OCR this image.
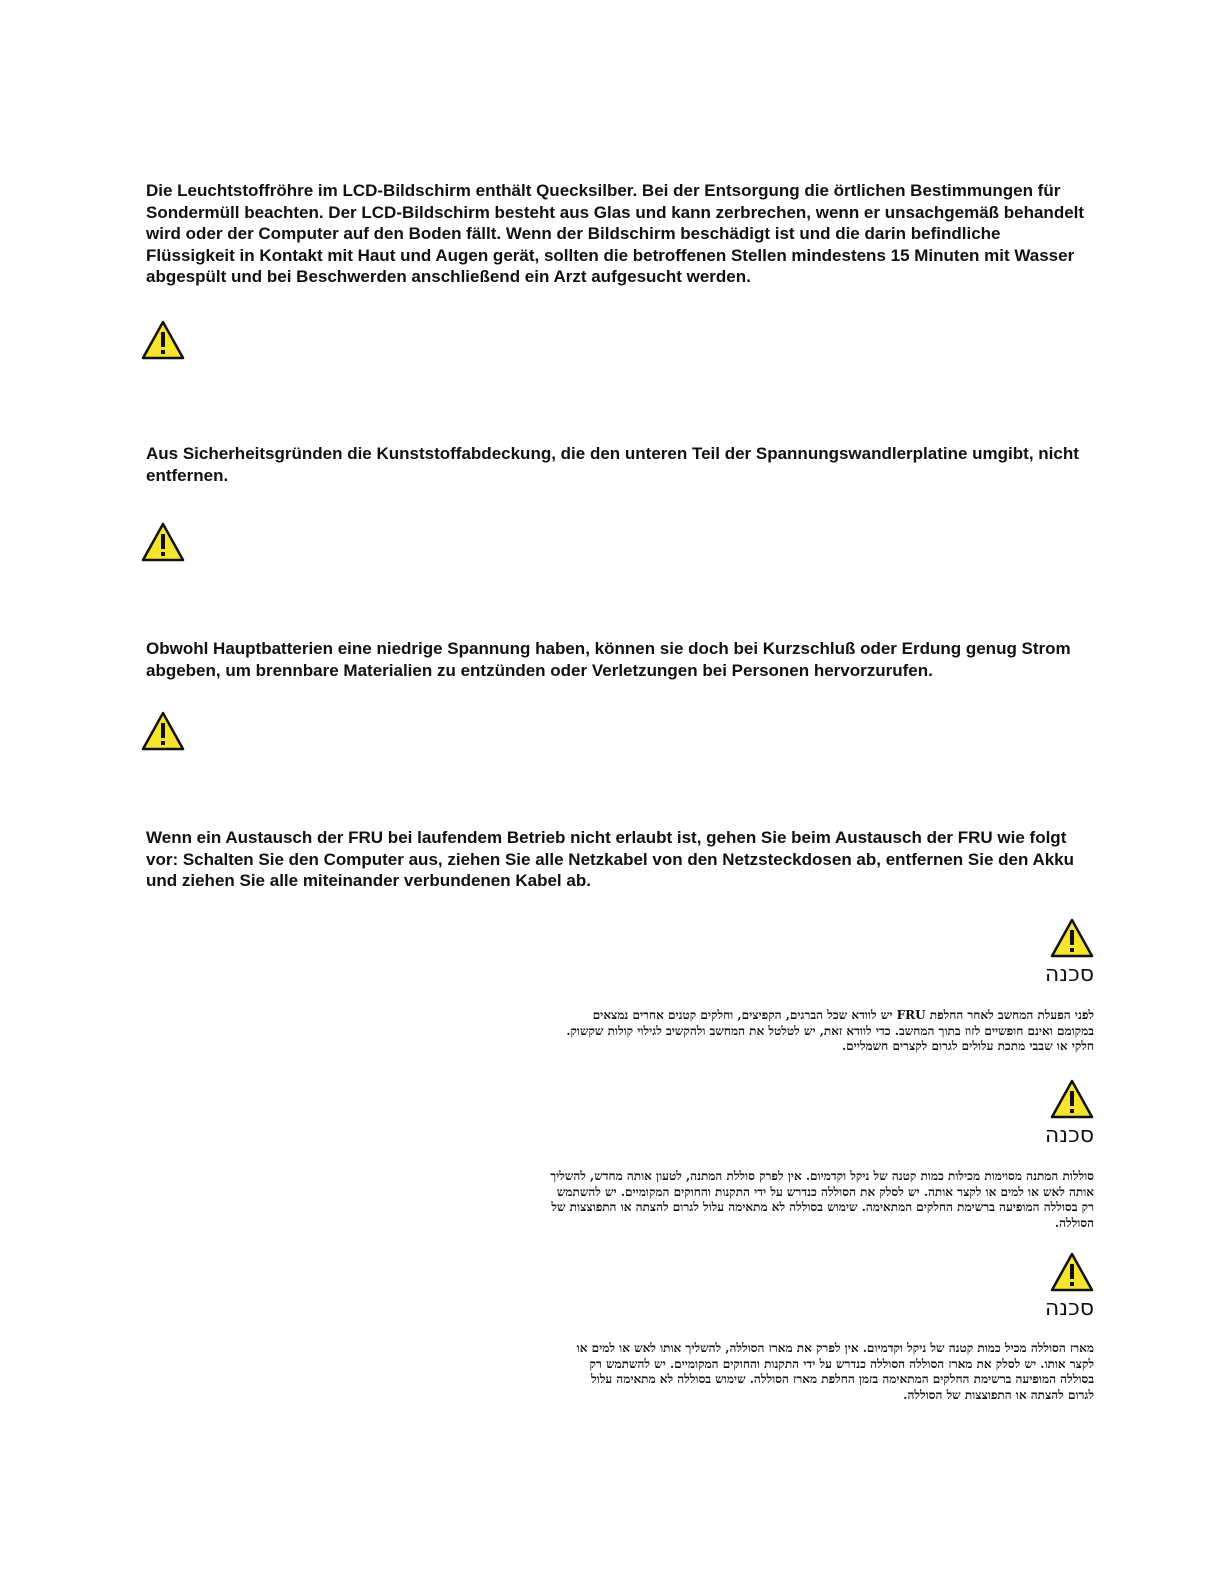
Die Leuchtstoffröhre im LCD-Bildschirm enthält Quecksilber. Bei der Entsorgung die örtlichen Bestimmungen für Sondermüll beachten. Der LCD-Bildschirm besteht aus Glas und kann zerbrechen, wenn er unsachgemäß behandelt wird oder der Computer auf den Boden fällt. Wenn der Bildschirm beschädigt ist und die darin befindliche Flüssigkeit in Kontakt mit Haut und Augen gerät, sollten die betroffenen Stellen mindestens 15 Minuten mit Wasser abgespült und bei Beschwerden anschließend ein Arzt aufgesucht werden.

Aus Sicherheitsgründen die Kunststoffabdeckung, die den unteren Teil der Spannungswandlerplatine umgibt, nicht entfernen.

Obwohl Hauptbatterien eine niedrige Spannung haben, können sie doch bei Kurzschluß oder Erdung genug Strom abgeben, um brennbare Materialien zu entzünden oder Verletzungen bei Personen hervorzurufen.

Wenn ein Austausch der FRU bei laufendem Betrieb nicht erlaubt ist, gehen Sie beim Austausch der FRU wie folgt vor: Schalten Sie den Computer aus, ziehen Sie alle Netzkabel von den Netzsteckdosen ab, entfernen Sie den Akku und ziehen Sie alle miteinander verbundenen Kabel ab.

סכנה

לפני הפעלת המחשב לאחר החלפת FRU יש לוודא שכל הברגים, הקפיצים, וחלקים קטנים אחרים נמצאים במקומם ואינם חופשיים לזוז בתוך המחשב. כדי לוודא זאת, יש לטלטל את המחשב ולהקשיב לגילוי קולות שקשוק. חלקי או שבבי מתכת עלולים לגרום לקצרים חשמליים.

סכנה

סוללות המתנה מסוימות מכילות כמות קטנה של ניקל וקדמיום. אין לפרק סוללת המתנה, לטעון אותה מחדש, להשליך אותה לאש או למים או לקצר אותה. יש לסלק את הסוללה כנדרש על ידי התקנות והחוקים המקומיים. יש להשתמש רק בסוללה המופיעה ברשימת החלקים המתאימה. שימוש בסוללה לא מתאימה עלול לגרום להצתה או התפוצצות של הסוללה.

סכנה

מארז הסוללה מכיל כמות קטנה של ניקל וקדמיום. אין לפרק את מארז הסוללה, להשליך אותו לאש או למים או לקצר אותו. יש לסלק את מארז הסוללה הסוללה כנדרש על ידי התקנות והחוקים המקומיים. יש להשתמש רק בסוללה המופיעה ברשימת החלקים המתאימה בזמן החלפת מארז הסוללה. שימוש בסוללה לא מתאימה עלול לגרום להצתה או התפוצצות של הסוללה.
